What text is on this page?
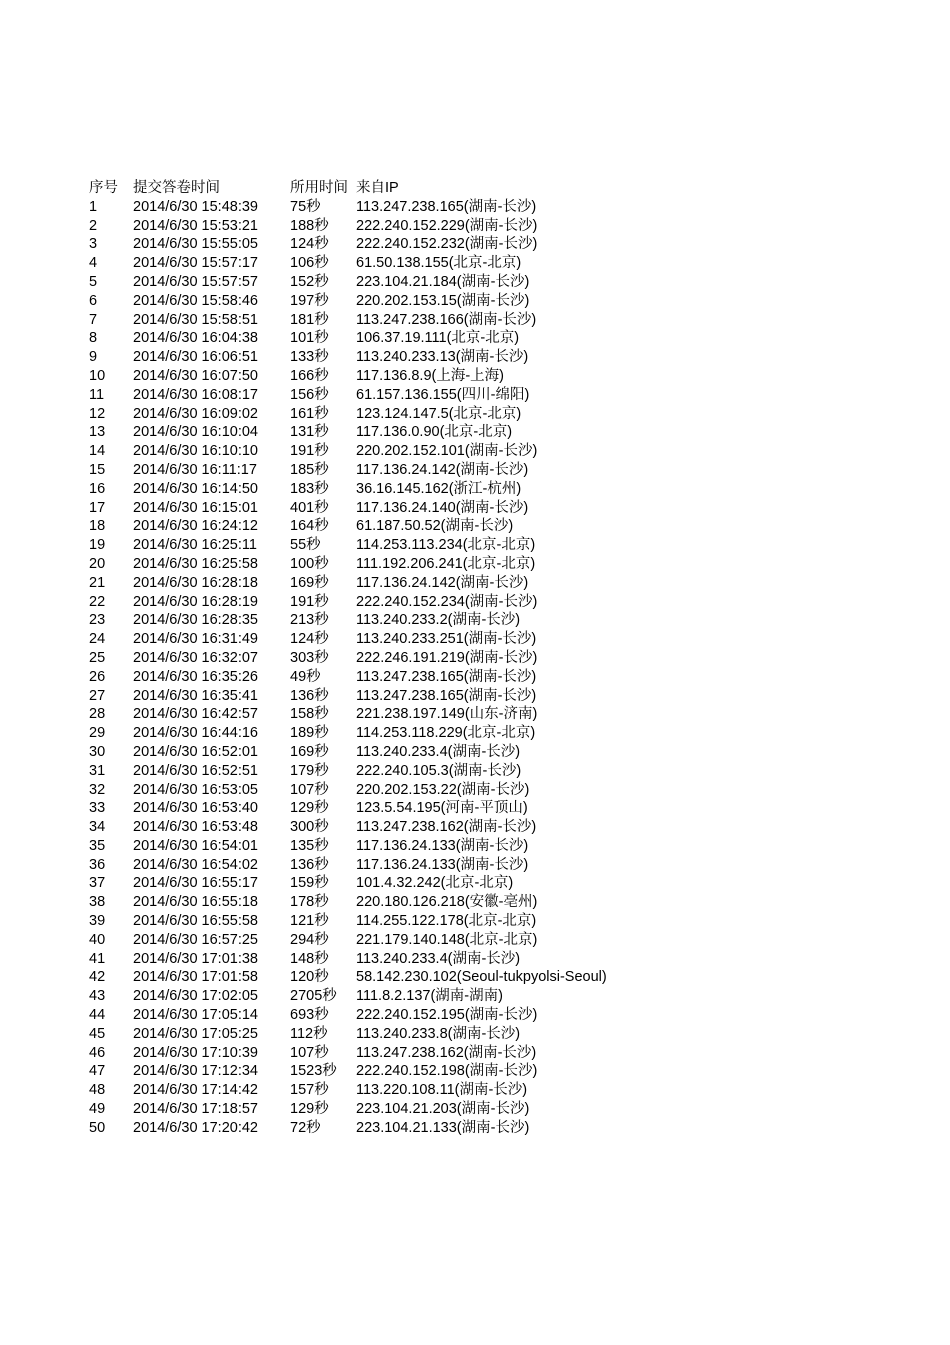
序号	提交答卷时间	所用时间 来自IP
1	2014/6/30 15:48:39	75秒	113.247.238.165(湖南-长沙)
2	2014/6/30 15:53:21	188秒	222.240.152.229(湖南-长沙)
3	2014/6/30 15:55:05	124秒	222.240.152.232(湖南-长沙)
4	2014/6/30 15:57:17	106秒	61.50.138.155(北京-北京)
5	2014/6/30 15:57:57	152秒	223.104.21.184(湖南-长沙)
6	2014/6/30 15:58:46	197秒	220.202.153.15(湖南-长沙)
7	2014/6/30 15:58:51	181秒	113.247.238.166(湖南-长沙)
8	2014/6/30 16:04:38	101秒	106.37.19.111(北京-北京)
9	2014/6/30 16:06:51	133秒	113.240.233.13(湖南-长沙)
10	2014/6/30 16:07:50	166秒	117.136.8.9(上海-上海)
11	2014/6/30 16:08:17	156秒	61.157.136.155(四川-绵阳)
12	2014/6/30 16:09:02	161秒	123.124.147.5(北京-北京)
13	2014/6/30 16:10:04	131秒	117.136.0.90(北京-北京)
14	2014/6/30 16:10:10	191秒	220.202.152.101(湖南-长沙)
15	2014/6/30 16:11:17	185秒	117.136.24.142(湖南-长沙)
16	2014/6/30 16:14:50	183秒	36.16.145.162(浙江-杭州)
17	2014/6/30 16:15:01	401秒	117.136.24.140(湖南-长沙)
18	2014/6/30 16:24:12	164秒	61.187.50.52(湖南-长沙)
19	2014/6/30 16:25:11	55秒	114.253.113.234(北京-北京)
20	2014/6/30 16:25:58	100秒	111.192.206.241(北京-北京)
21	2014/6/30 16:28:18	169秒	117.136.24.142(湖南-长沙)
22	2014/6/30 16:28:19	191秒	222.240.152.234(湖南-长沙)
23	2014/6/30 16:28:35	213秒	113.240.233.2(湖南-长沙)
24	2014/6/30 16:31:49	124秒	113.240.233.251(湖南-长沙)
25	2014/6/30 16:32:07	303秒	222.246.191.219(湖南-长沙)
26	2014/6/30 16:35:26	49秒	113.247.238.165(湖南-长沙)
27	2014/6/30 16:35:41	136秒	113.247.238.165(湖南-长沙)
28	2014/6/30 16:42:57	158秒	221.238.197.149(山东-济南)
29	2014/6/30 16:44:16	189秒	114.253.118.229(北京-北京)
30	2014/6/30 16:52:01	169秒	113.240.233.4(湖南-长沙)
31	2014/6/30 16:52:51	179秒	222.240.105.3(湖南-长沙)
32	2014/6/30 16:53:05	107秒	220.202.153.22(湖南-长沙)
33	2014/6/30 16:53:40	129秒	123.5.54.195(河南-平顶山)
34	2014/6/30 16:53:48	300秒	113.247.238.162(湖南-长沙)
35	2014/6/30 16:54:01	135秒	117.136.24.133(湖南-长沙)
36	2014/6/30 16:54:02	136秒	117.136.24.133(湖南-长沙)
37	2014/6/30 16:55:17	159秒	101.4.32.242(北京-北京)
38	2014/6/30 16:55:18	178秒	220.180.126.218(安徽-亳州)
39	2014/6/30 16:55:58	121秒	114.255.122.178(北京-北京)
40	2014/6/30 16:57:25	294秒	221.179.140.148(北京-北京)
41	2014/6/30 17:01:38	148秒	113.240.233.4(湖南-长沙)
42	2014/6/30 17:01:58	120秒	58.142.230.102(Seoul-tukpyolsi-Seoul)
43	2014/6/30 17:02:05	2705秒	111.8.2.137(湖南-湖南)
44	2014/6/30 17:05:14	693秒	222.240.152.195(湖南-长沙)
45	2014/6/30 17:05:25	112秒	113.240.233.8(湖南-长沙)
46	2014/6/30 17:10:39	107秒	113.247.238.162(湖南-长沙)
47	2014/6/30 17:12:34	1523秒	222.240.152.198(湖南-长沙)
48	2014/6/30 17:14:42	157秒	113.220.108.11(湖南-长沙)
49	2014/6/30 17:18:57	129秒	223.104.21.203(湖南-长沙)
50	2014/6/30 17:20:42	72秒	223.104.21.133(湖南-长沙)
